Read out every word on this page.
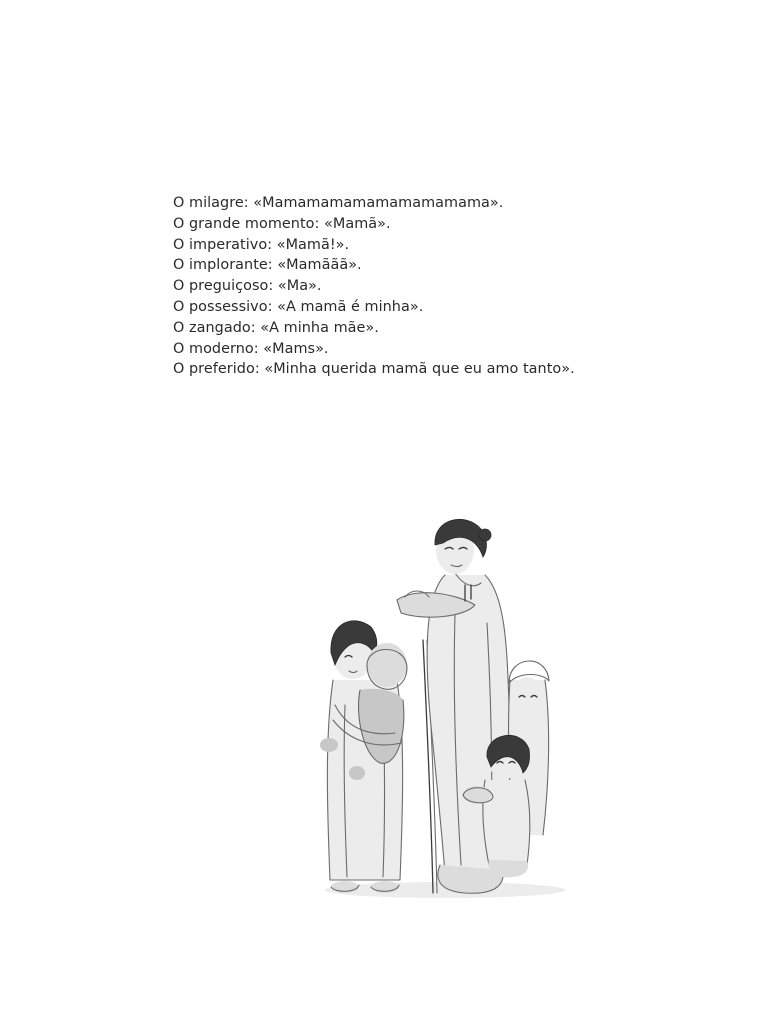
O milagre: «Mamamamamamamamamama».
O grande momento: «Mamã».
O imperativo: «Mamã!».
O implorante: «Mamããã».
O preguiçoso: «Ma».
O possessivo: «A mamã é minha».
O zangado: «A minha mãe».
O moderno: «Mams».
O preferido: «Minha querida mamã que eu amo tanto».
